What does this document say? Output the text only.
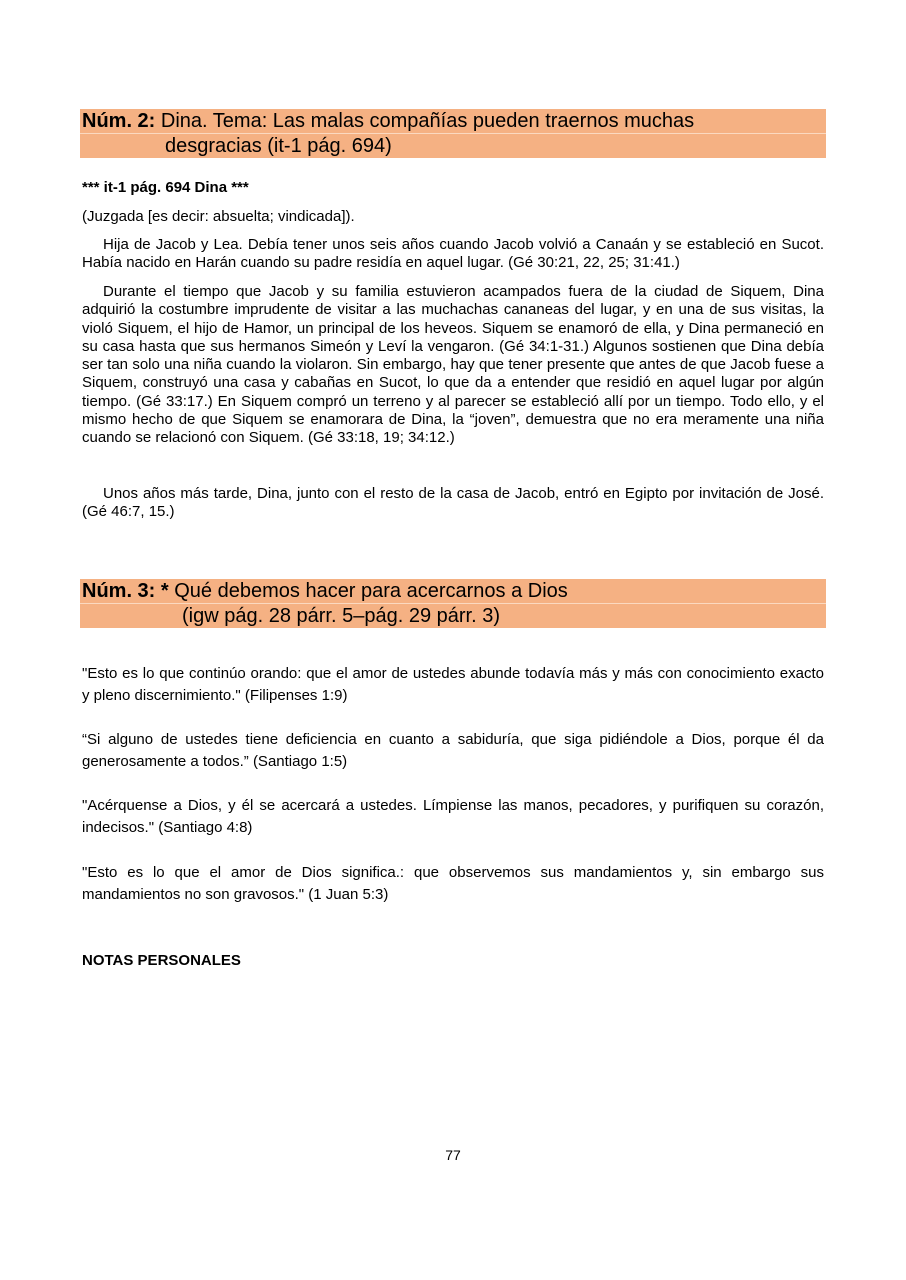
Núm. 2: Dina. Tema: Las malas compañías pueden traernos muchas
desgracias (it-1 pág. 694)
*** it-1 pág. 694 Dina ***
(Juzgada [es decir: absuelta; vindicada]).

Hija de Jacob y Lea. Debía tener unos seis años cuando Jacob volvió a Canaán y se estableció en Sucot. Había nacido en Harán cuando su padre residía en aquel lugar. (Gé 30:21, 22, 25; 31:41.)

Durante el tiempo que Jacob y su familia estuvieron acampados fuera de la ciudad de Siquem, Dina adquirió la costumbre imprudente de visitar a las muchachas cananeas del lugar, y en una de sus visitas, la violó Siquem, el hijo de Hamor, un principal de los heveos. Siquem se enamoró de ella, y Dina permaneció en su casa hasta que sus hermanos Simeón y Leví la vengaron. (Gé 34:1-31.) Algunos sostienen que Dina debía ser tan solo una niña cuando la violaron. Sin embargo, hay que tener presente que antes de que Jacob fuese a Siquem, construyó una casa y cabañas en Sucot, lo que da a entender que residió en aquel lugar por algún tiempo. (Gé 33:17.) En Siquem compró un terreno y al parecer se estableció allí por un tiempo. Todo ello, y el mismo hecho de que Siquem se enamorara de Dina, la “joven”, demuestra que no era meramente una niña cuando se relacionó con Siquem. (Gé 33:18, 19; 34:12.)

Unos años más tarde, Dina, junto con el resto de la casa de Jacob, entró en Egipto por invitación de José. (Gé 46:7, 15.)

Núm. 3: * Qué debemos hacer para acercarnos a Dios
(igw pág. 28 párr. 5–pág. 29 párr. 3)
"Esto es lo que continúo orando: que el amor de ustedes abunde todavía más y más con conocimiento exacto y pleno discernimiento." (Filipenses 1:9)
“Si alguno de ustedes tiene deficiencia en cuanto a sabiduría, que siga pidiéndole a Dios, porque él da generosamente a todos.” (Santiago 1:5)
"Acérquense a Dios, y él se acercará a ustedes. Límpiense las manos, pecadores, y purifiquen su corazón, indecisos." (Santiago 4:8)
"Esto es lo que el amor de Dios significa.: que observemos sus mandamientos y, sin embargo sus mandamientos no son gravosos." (1 Juan 5:3)
NOTAS PERSONALES
77
